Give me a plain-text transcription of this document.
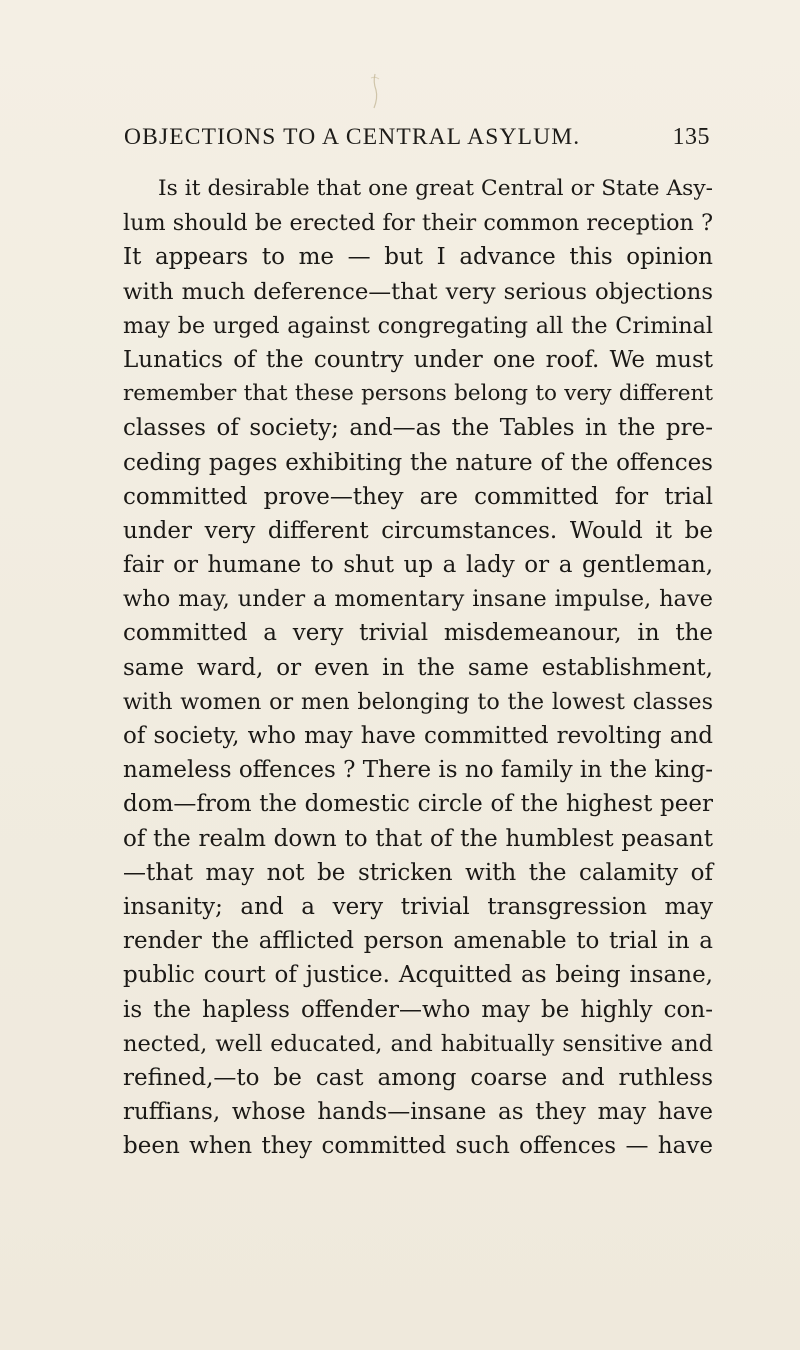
OBJECTIONS TO A CENTRAL ASYLUM.	135
Is it desirable that one great Central or State Asy-
lum should be erected for their common reception ?
It appears to me — but I advance this opinion
with much deference—that very serious objections
may be urged against congregating all the Criminal
Lunatics of the country under one roof. We must
remember that these persons belong to very different
classes of society; and—as the Tables in the pre-
ceding pages exhibiting the nature of the offences
committed prove—they are committed for trial
under very different circumstances. Would it be
fair or humane to shut up a lady or a gentleman,
who may, under a momentary insane impulse, have
committed a very trivial misdemeanour, in the
same ward, or even in the same establishment,
with women or men belonging to the lowest classes
of society, who may have committed revolting and
nameless offences ? There is no family in the king-
dom—from the domestic circle of the highest peer
of the realm down to that of the humblest peasant
—that may not be stricken with the calamity of
insanity; and a very trivial transgression may
render the afflicted person amenable to trial in a
public court of justice. Acquitted as being insane,
is the hapless offender—who may be highly con-
nected, well educated, and habitually sensitive and
refined,—to be cast among coarse and ruthless
ruffians, whose hands—insane as they may have
been when they committed such offences — have
